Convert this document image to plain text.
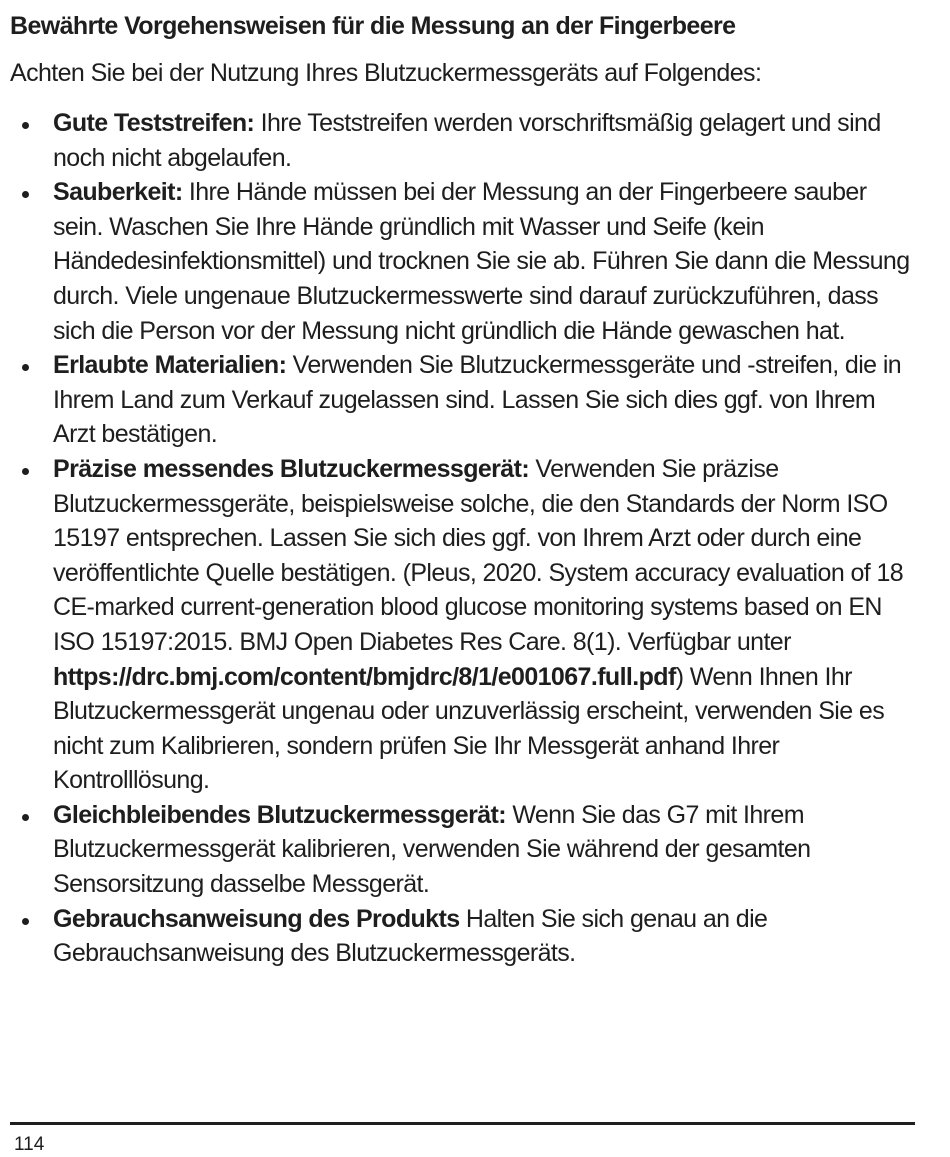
Bewährte Vorgehensweisen für die Messung an der Fingerbeere

Achten Sie bei der Nutzung Ihres Blutzuckermessgeräts auf Folgendes:

Gute Teststreifen: Ihre Teststreifen werden vorschriftsmäßig gelagert und sind noch nicht abgelaufen.
Sauberkeit: Ihre Hände müssen bei der Messung an der Fingerbeere sauber sein. Waschen Sie Ihre Hände gründlich mit Wasser und Seife (kein Händedesinfektionsmittel) und trocknen Sie sie ab. Führen Sie dann die Messung durch. Viele ungenaue Blutzuckermesswerte sind darauf zurückzuführen, dass sich die Person vor der Messung nicht gründlich die Hände gewaschen hat.
Erlaubte Materialien: Verwenden Sie Blutzuckermessgeräte und -streifen, die in Ihrem Land zum Verkauf zugelassen sind. Lassen Sie sich dies ggf. von Ihrem Arzt bestätigen.
Präzise messendes Blutzuckermessgerät: Verwenden Sie präzise Blutzuckermessgeräte, beispielsweise solche, die den Standards der Norm ISO 15197 entsprechen. Lassen Sie sich dies ggf. von Ihrem Arzt oder durch eine veröffentlichte Quelle bestätigen. (Pleus, 2020. System accuracy evaluation of 18 CE-marked current-generation blood glucose monitoring systems based on EN ISO 15197:2015. BMJ Open Diabetes Res Care. 8(1). Verfügbar unter https://drc.bmj.com/content/bmjdrc/8/1/e001067.full.pdf) Wenn Ihnen Ihr Blutzuckermessgerät ungenau oder unzuverlässig erscheint, verwenden Sie es nicht zum Kalibrieren, sondern prüfen Sie Ihr Messgerät anhand Ihrer Kontrolllösung.
Gleichbleibendes Blutzuckermessgerät: Wenn Sie das G7 mit Ihrem Blutzuckermessgerät kalibrieren, verwenden Sie während der gesamten Sensorsitzung dasselbe Messgerät.
Gebrauchsanweisung des Produkts Halten Sie sich genau an die Gebrauchsanweisung des Blutzuckermessgeräts.
114
